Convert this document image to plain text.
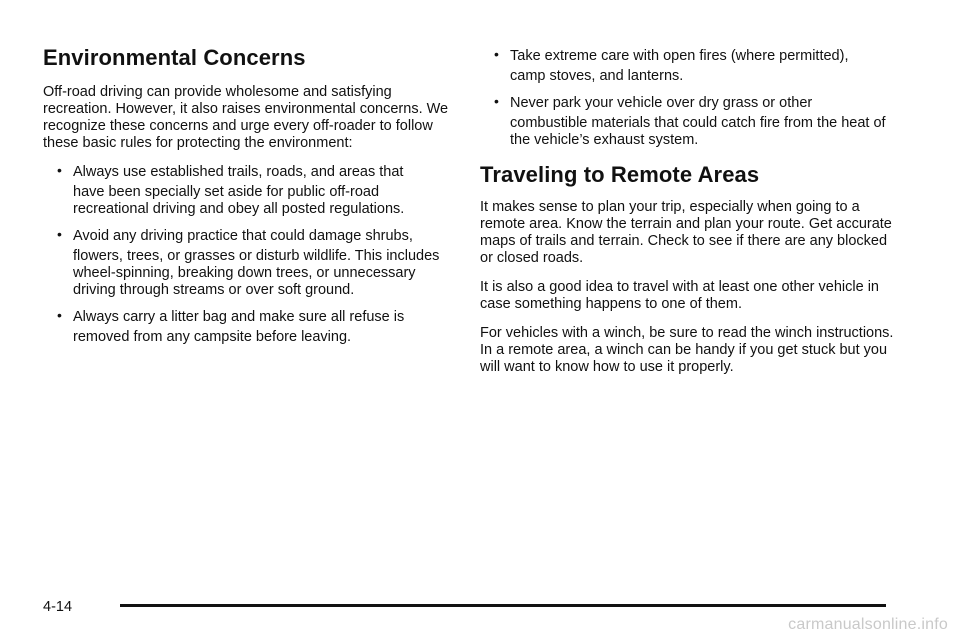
Environmental Concerns

Off-road driving can provide wholesome and satisfying recreation. However, it also raises environmental concerns. We recognize these concerns and urge every off-roader to follow these basic rules for protecting the environment:

• Always use established trails, roads, and areas that
have been specially set aside for public off-road recreational driving and obey all posted regulations.
• Avoid any driving practice that could damage shrubs,
flowers, trees, or grasses or disturb wildlife. This includes wheel-spinning, breaking down trees, or unnecessary driving through streams or over soft ground.
• Always carry a litter bag and make sure all refuse is
removed from any campsite before leaving.
• Take extreme care with open fires (where permitted),
camp stoves, and lanterns.
• Never park your vehicle over dry grass or other
combustible materials that could catch fire from the heat of the vehicle’s exhaust system.
Traveling to Remote Areas

It makes sense to plan your trip, especially when going to a remote area. Know the terrain and plan your route. Get accurate maps of trails and terrain. Check to see if there are any blocked or closed roads.

It is also a good idea to travel with at least one other vehicle in case something happens to one of them.

For vehicles with a winch, be sure to read the winch instructions. In a remote area, a winch can be handy if you get stuck but you will want to know how to use it properly.

4-14
carmanualsonline.info
